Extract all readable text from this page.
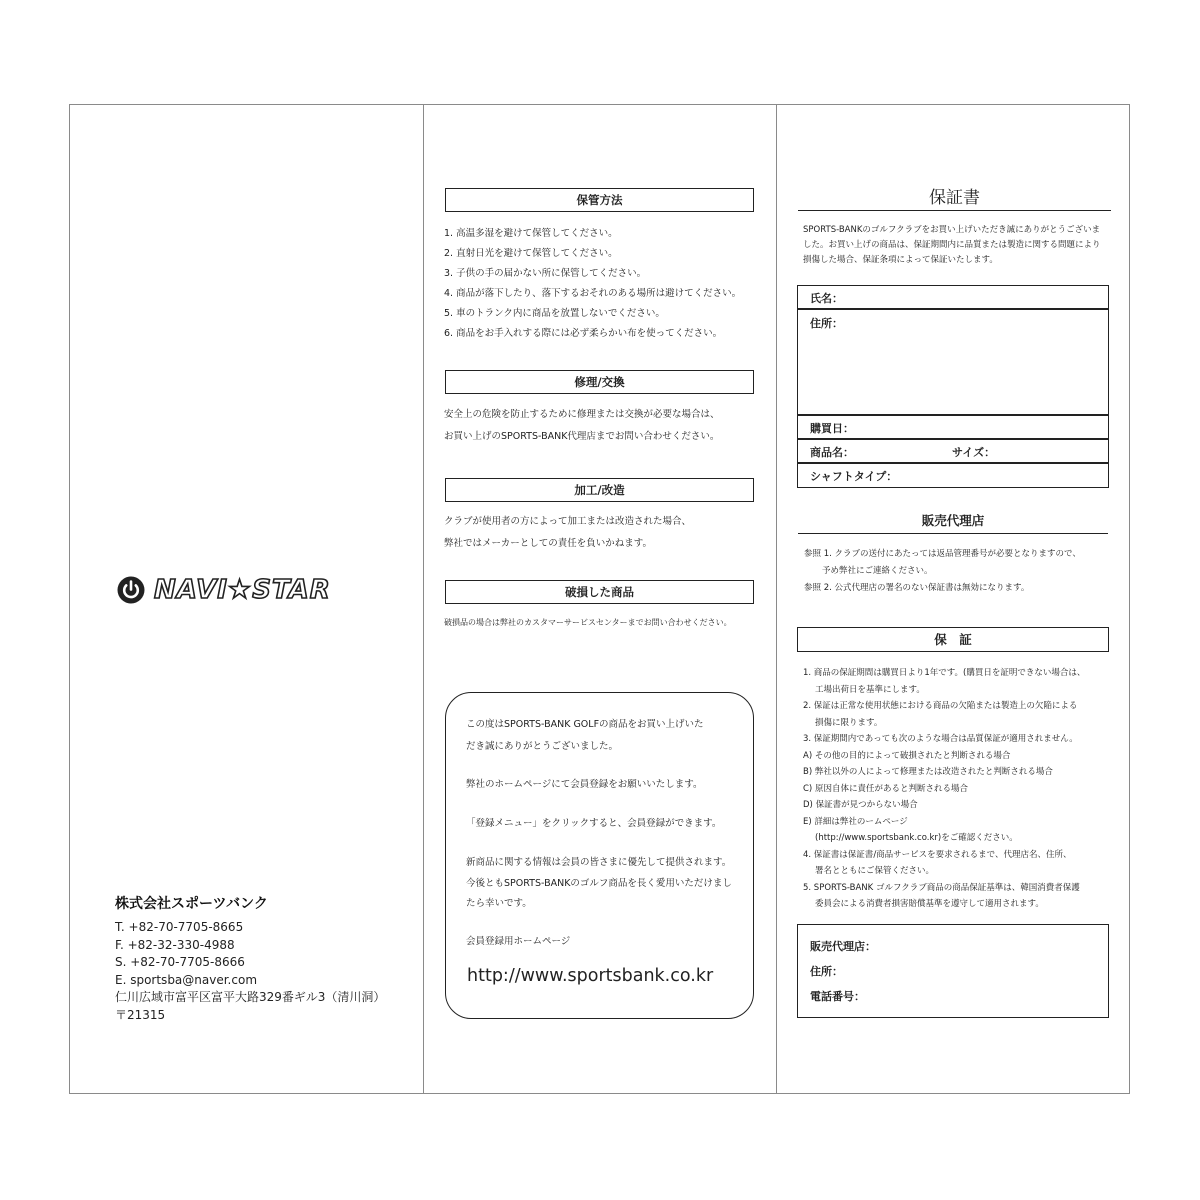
NAVI★STAR
株式会社スポーツバンク
T. +82-70-7705-8665
F. +82-32-330-4988
S. +82-70-7705-8666
E. sportsba@naver.com
仁川広域市富平区富平大路329番ギル3（清川洞）
〒21315
保管方法
1. 高温多湿を避けて保管してください。
2. 直射日光を避けて保管してください。
3. 子供の手の届かない所に保管してください。
4. 商品が落下したり、落下するおそれのある場所は避けてください。
5. 車のトランク内に商品を放置しないでください。
6. 商品をお手入れする際には必ず柔らかい布を使ってください。
修理/交換
安全上の危険を防止するために修理または交換が必要な場合は、
お買い上げのSPORTS-BANK代理店までお問い合わせください。
加工/改造
クラブが使用者の方によって加工または改造された場合、
弊社ではメーカーとしての責任を負いかねます。
破損した商品
破損品の場合は弊社のカスタマーサービスセンターまでお問い合わせください。
この度はSPORTS-BANK GOLFの商品をお買い上げいた
だき誠にありがとうございました。
弊社のホームページにて会員登録をお願いいたします。
「登録メニュー」をクリックすると、会員登録ができます。
新商品に関する情報は会員の皆さまに優先して提供されます。
今後ともSPORTS-BANKのゴルフ商品を長く愛用いただけまし
たら幸いです。
会員登録用ホームページ
http://www.sportsbank.co.kr
保証書
SPORTS-BANKのゴルフクラブをお買い上げいただき誠にありがとうございま
した。お買い上げの商品は、保証期間内に品質または製造に関する問題により
損傷した場合、保証条項によって保証いたします。
氏名：
住所：
購買日：
商品名：	サイズ：
シャフトタイプ：
販売代理店
参照 1. クラブの送付にあたっては返品管理番号が必要となりますので、
予め弊社にご連絡ください。
参照 2. 公式代理店の署名のない保証書は無効になります。
保　証
1. 商品の保証期間は購買日より1年です。(購買日を証明できない場合は、
工場出荷日を基準にします。
2. 保証は正常な使用状態における商品の欠陥または製造上の欠陥による
損傷に限ります。
3. 保証期間内であっても次のような場合は品質保証が適用されません。
A) その他の目的によって破損されたと判断される場合
B) 弊社以外の人によって修理または改造されたと判断される場合
C) 原因自体に責任があると判断される場合
D) 保証書が見つからない場合
E) 詳細は弊社のームページ
(http://www.sportsbank.co.kr)をご確認ください。
4. 保証書は保証書/商品サービスを要求されるまで、代理店名、住所、
署名とともにご保管ください。
5. SPORTS-BANK ゴルフクラブ商品の商品保証基準は、韓国消費者保護
委員会による消費者損害賠償基準を遵守して適用されます。
販売代理店：
住所：
電話番号：
